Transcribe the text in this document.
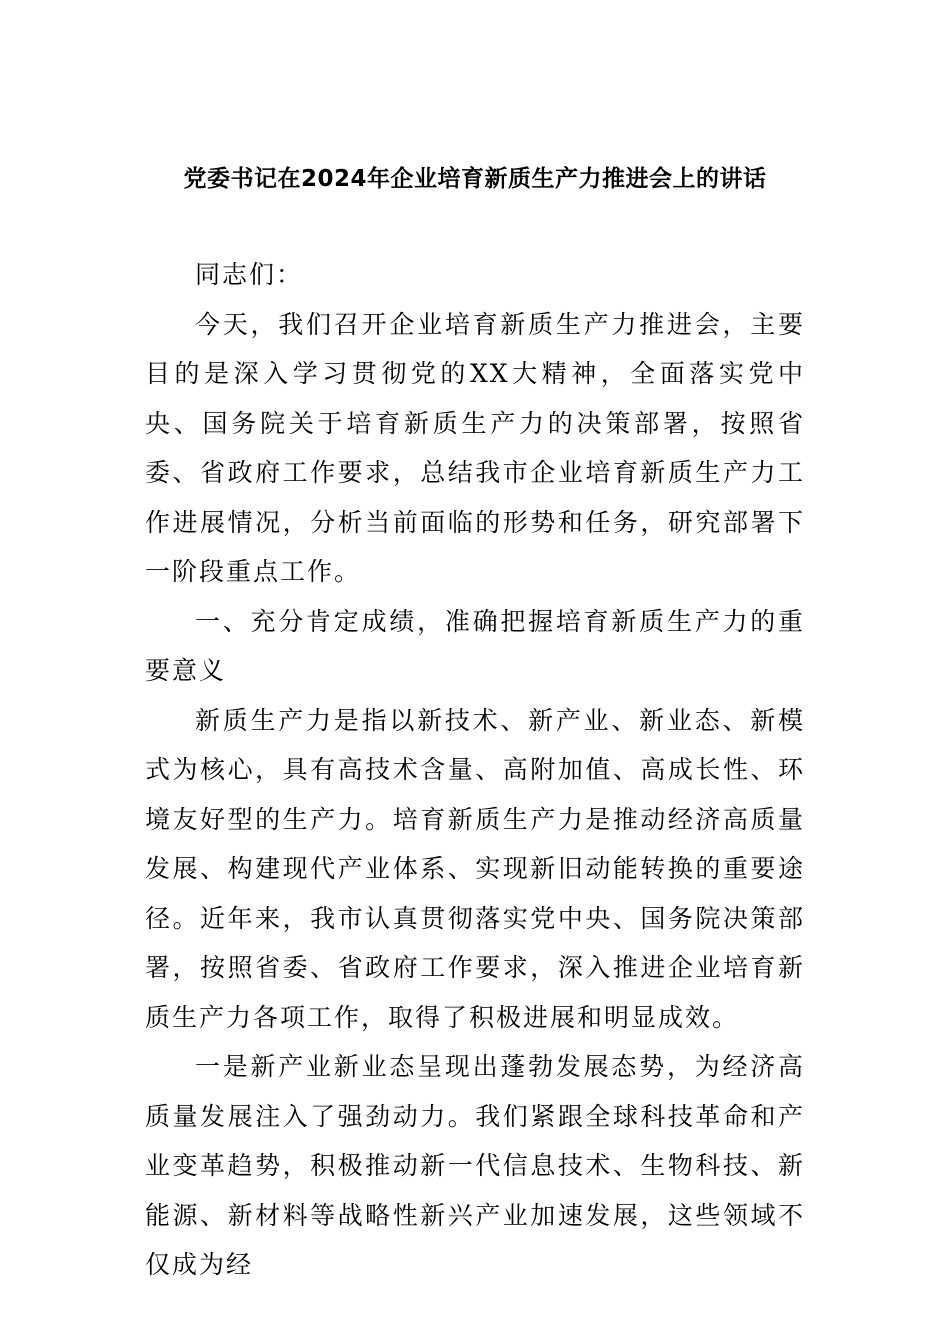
党委书记在2024年企业培育新质生产力推进会上的讲话

同志们：

今天，我们召开企业培育新质生产力推进会，主要目的是深入学习贯彻党的XX大精神，全面落实党中央、国务院关于培育新质生产力的决策部署，按照省委、省政府工作要求，总结我市企业培育新质生产力工作进展情况，分析当前面临的形势和任务，研究部署下一阶段重点工作。

一、充分肯定成绩，准确把握培育新质生产力的重要意义

新质生产力是指以新技术、新产业、新业态、新模式为核心，具有高技术含量、高附加值、高成长性、环境友好型的生产力。培育新质生产力是推动经济高质量发展、构建现代产业体系、实现新旧动能转换的重要途径。近年来，我市认真贯彻落实党中央、国务院决策部署，按照省委、省政府工作要求，深入推进企业培育新质生产力各项工作，取得了积极进展和明显成效。

一是新产业新业态呈现出蓬勃发展态势，为经济高质量发展注入了强劲动力。我们紧跟全球科技革命和产业变革趋势，积极推动新一代信息技术、生物科技、新能源、新材料等战略性新兴产业加速发展，这些领域不仅成为经
